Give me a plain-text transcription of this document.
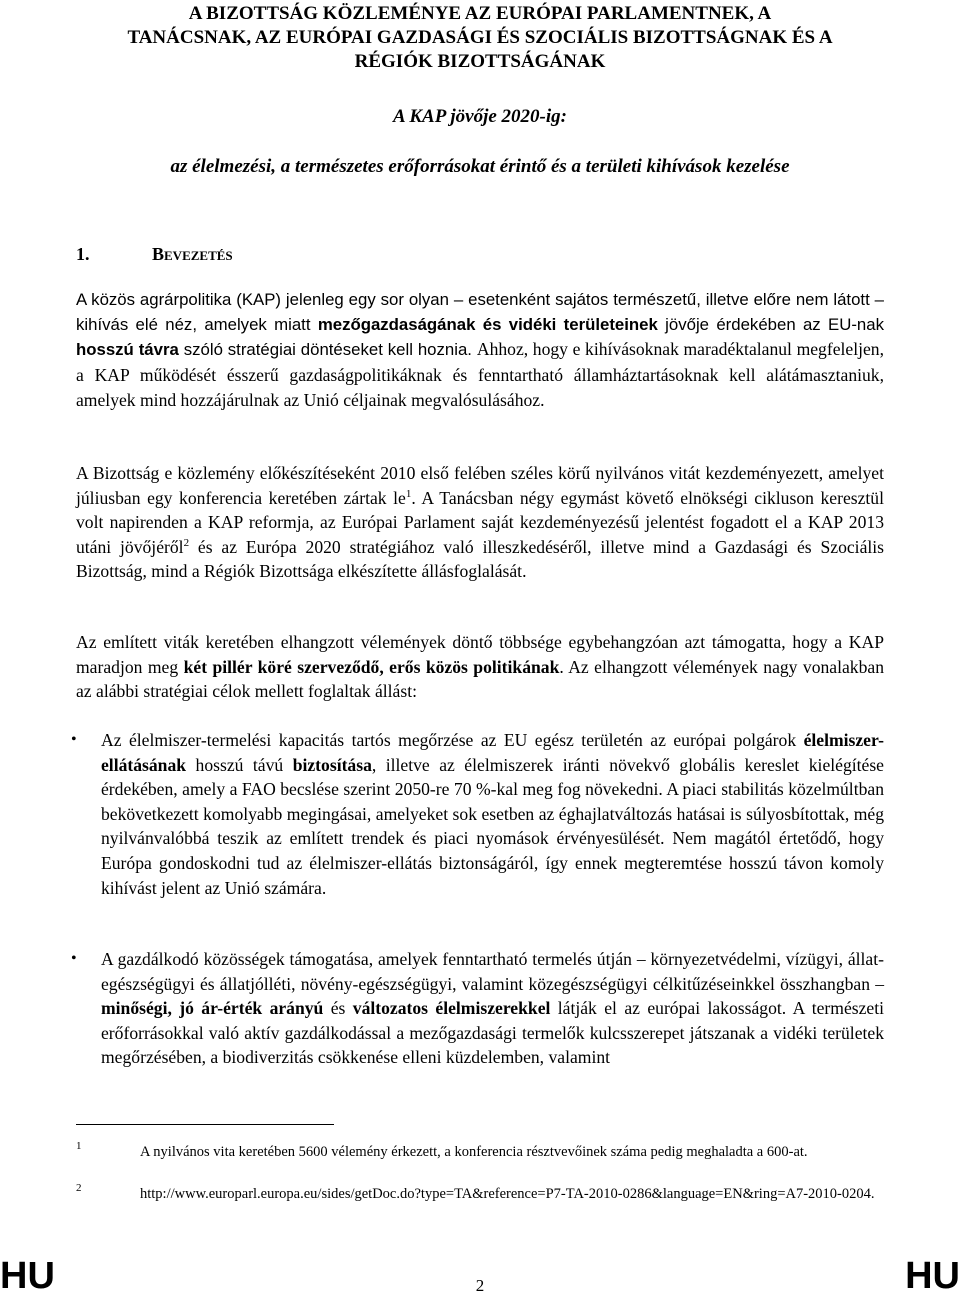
A BIZOTTSÁG KÖZLEMÉNYE AZ EURÓPAI PARLAMENTNEK, A
TANÁCSNAK, AZ EURÓPAI GAZDASÁGI ÉS SZOCIÁLIS BIZOTTSÁGNAK ÉS A
RÉGIÓK BIZOTTSÁGÁNAK
A KAP jövője 2020-ig:
az élelmezési, a természetes erőforrásokat érintő és a területi kihívások kezelése
1.	Bevezetés

A közös agrárpolitika (KAP) jelenleg egy sor olyan – esetenként sajátos természetű, illetve előre nem látott – kihívás elé néz, amelyek miatt mezőgazdaságának és vidéki területeinek jövője érdekében az EU-nak hosszú távra szóló stratégiai döntéseket kell hoznia. Ahhoz, hogy e kihívásoknak maradéktalanul megfeleljen, a KAP működését ésszerű gazdaságpolitikáknak és fenntartható államháztartásoknak kell alátámasztaniuk, amelyek mind hozzájárulnak az Unió céljainak megvalósulásához.

A Bizottság e közlemény előkészítéseként 2010 első felében széles körű nyilvános vitát kezdeményezett, amelyet júliusban egy konferencia keretében zártak $le^1$. A Tanácsban négy egymást követő elnökségi cikluson keresztül volt napirenden a KAP reformja, az Európai Parlament saját kezdeményezésű jelentést fogadott el a KAP 2013 utáni jövőjéről$^2$ és az Európa 2020 stratégiához való illeszkedéséről, illetve mind a Gazdasági és Szociális Bizottság, mind a Régiók Bizottsága elkészítette állásfoglalását.

Az említett viták keretében elhangzott vélemények döntő többsége egybehangzóan azt támogatta, hogy a KAP maradjon meg két pillér köré szerveződő, erős közös politikának. Az elhangzott vélemények nagy vonalakban az alábbi stratégiai célok mellett foglaltak állást:

• Az élelmiszer-termelési kapacitás tartós megőrzése az EU egész területén az európai polgárok élelmiszer-ellátásának hosszú távú biztosítása, illetve az élelmiszerek iránti növekvő globális kereslet kielégítése érdekében, amely a FAO becslése szerint 2050-re 70 %-kal meg fog növekedni. A piaci stabilitás közelmúltban bekövetkezett komolyabb megingásai, amelyeket sok esetben az éghajlatváltozás hatásai is súlyosbítottak, még nyilvánvalóbbá teszik az említett trendek és piaci nyomások érvényesülését. Nem magától értetődő, hogy Európa gondoskodni tud az élelmiszer-ellátás biztonságáról, így ennek megteremtése hosszú távon komoly kihívást jelent az Unió számára.

• A gazdálkodó közösségek támogatása, amelyek fenntartható termelés útján – környezetvédelmi, vízügyi, állat-egészségügyi és állatjólléti, növény-egészségügyi, valamint közegészségügyi célkitűzéseinkkel összhangban – minőségi, jó ár-érték arányú és változatos élelmiszerekkel látják el az európai lakosságot. A természeti erőforrásokkal való aktív gazdálkodással a mezőgazdasági termelők kulcsszerepet játszanak a vidéki területek megőrzésében, a biodiverzitás csökkenése elleni küzdelemben, valamint

1	A nyilvános vita keretében 5600 vélemény érkezett, a konferencia résztvevőinek száma pedig meghaladta a 600-at.
2	http://www.europarl.europa.eu/sides/getDoc.do?type=TA&reference=P7-TA-2010-0286&language=EN&ring=A7-2010-0204.
HU	2	HU
